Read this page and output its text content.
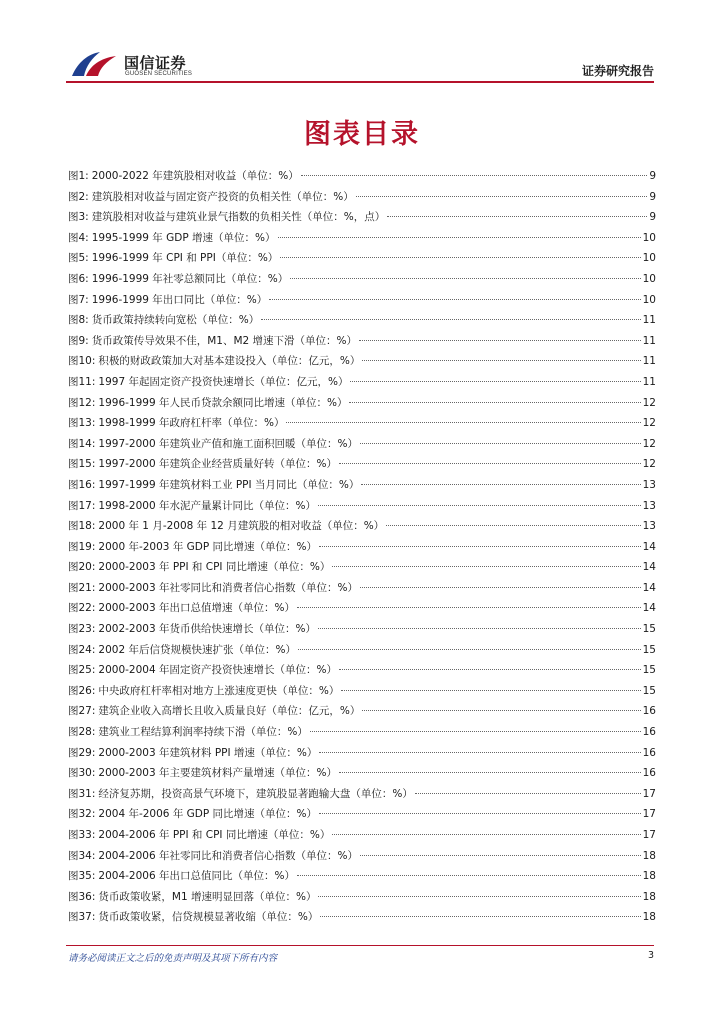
国信证券
GUOSEN SECURITIES	证券研究报告
图表目录
图1: 2000-2022 年建筑股相对收益（单位：%）	9
图2: 建筑股相对收益与固定资产投资的负相关性（单位：%）	9
图3: 建筑股相对收益与建筑业景气指数的负相关性（单位：%，点）	9
图4: 1995-1999 年 GDP 增速（单位：%）	10
图5: 1996-1999 年 CPI 和 PPI（单位：%）	10
图6: 1996-1999 年社零总额同比（单位：%）	10
图7: 1996-1999 年出口同比（单位：%）	10
图8: 货币政策持续转向宽松（单位：%）	11
图9: 货币政策传导效果不佳，M1、M2 增速下滑（单位：%）	11
图10: 积极的财政政策加大对基本建设投入（单位：亿元，%）	11
图11: 1997 年起固定资产投资快速增长（单位：亿元，%）	11
图12: 1996-1999 年人民币贷款余额同比增速（单位：%）	12
图13: 1998-1999 年政府杠杆率（单位：%）	12
图14: 1997-2000 年建筑业产值和施工面积回暖（单位：%）	12
图15: 1997-2000 年建筑企业经营质量好转（单位：%）	12
图16: 1997-1999 年建筑材料工业 PPI 当月同比（单位：%）	13
图17: 1998-2000 年水泥产量累计同比（单位：%）	13
图18: 2000 年 1 月-2008 年 12 月建筑股的相对收益（单位：%）	13
图19: 2000 年-2003 年 GDP 同比增速（单位：%）	14
图20: 2000-2003 年 PPI 和 CPI 同比增速（单位：%）	14
图21: 2000-2003 年社零同比和消费者信心指数（单位：%）	14
图22: 2000-2003 年出口总值增速（单位：%）	14
图23: 2002-2003 年货币供给快速增长（单位：%）	15
图24: 2002 年后信贷规模快速扩张（单位：%）	15
图25: 2000-2004 年固定资产投资快速增长（单位：%）	15
图26: 中央政府杠杆率相对地方上涨速度更快（单位：%）	15
图27: 建筑企业收入高增长且收入质量良好（单位：亿元，%）	16
图28: 建筑业工程结算利润率持续下滑（单位：%）	16
图29: 2000-2003 年建筑材料 PPI 增速（单位：%）	16
图30: 2000-2003 年主要建筑材料产量增速（单位：%）	16
图31: 经济复苏期，投资高景气环境下，建筑股显著跑输大盘（单位：%）	17
图32: 2004 年-2006 年 GDP 同比增速（单位：%）	17
图33: 2004-2006 年 PPI 和 CPI 同比增速（单位：%）	17
图34: 2004-2006 年社零同比和消费者信心指数（单位：%）	18
图35: 2004-2006 年出口总值同比（单位：%）	18
图36: 货币政策收紧，M1 增速明显回落（单位：%）	18
图37: 货币政策收紧，信贷规模显著收缩（单位：%）	18
请务必阅读正文之后的免责声明及其项下所有内容	3
